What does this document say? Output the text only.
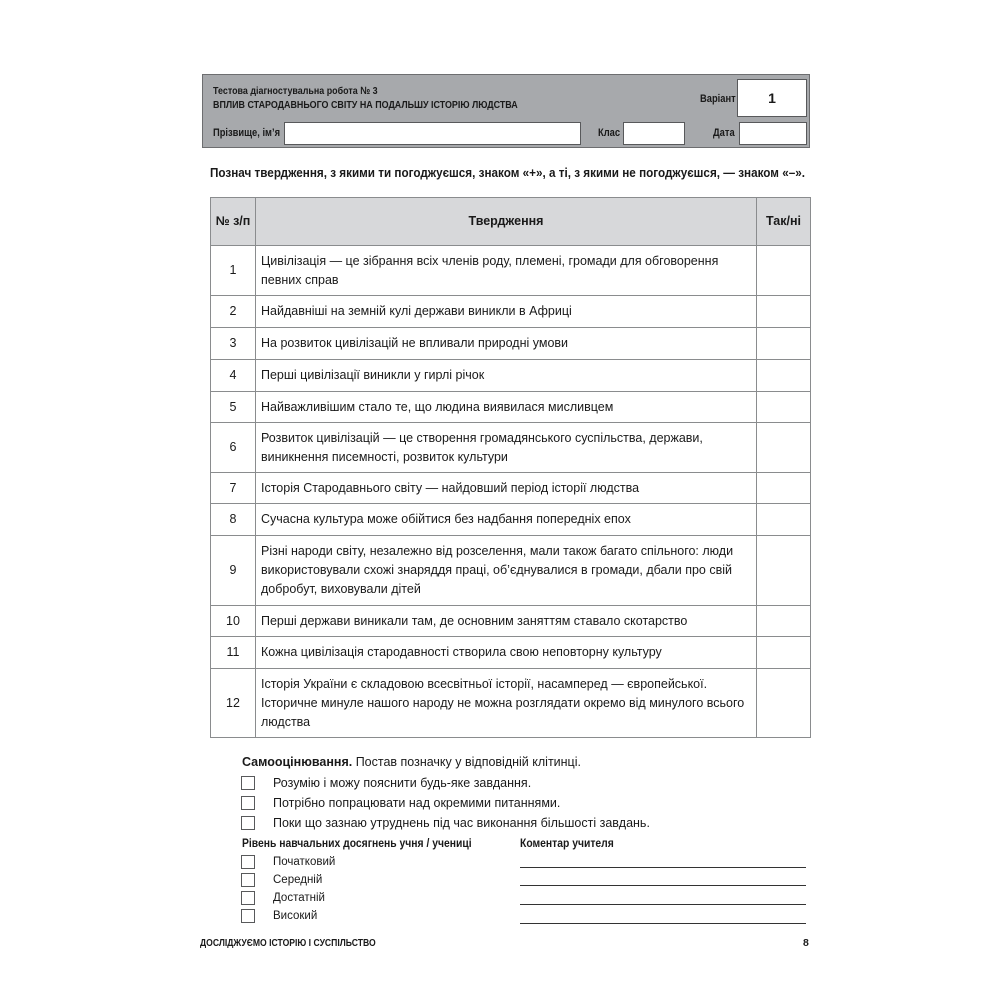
Тестова діагностувальна робота № 3
ВПЛИВ СТАРОДАВНЬОГО СВІТУ НА ПОДАЛЬШУ ІСТОРІЮ ЛЮДСТВА	Варіант	1
Прізвище, ім’я	Клас	Дата
Познач твердження, з якими ти погоджуєшся, знаком «+», а ті, з якими не погоджуєшся, — знаком «–».
№ з/п	Твердження	Так/ні
1	Цивілізація — це зібрання всіх членів роду, племені, громади для обговорення певних справ	
2	Найдавніші на земній кулі держави виникли в Африці	
3	На розвиток цивілізацій не впливали природні умови	
4	Перші цивілізації виникли у гирлі річок	
5	Найважливішим стало те, що людина виявилася мисливцем	
6	Розвиток цивілізацій — це створення громадянського суспільства, держави, виникнення писемності, розвиток культури	
7	Історія Стародавнього світу — найдовший період історії людства	
8	Сучасна культура може обійтися без надбання попередніх епох	
9	Різні народи світу, незалежно від розселення, мали також багато спільного: люди використовували схожі знаряддя праці, об’єднувалися в громади, дбали про свій добробут, виховували дітей	
10	Перші держави виникали там, де основним заняттям ставало скотарство	
11	Кожна цивілізація стародавності створила свою неповторну культуру	
12	Історія України є складовою всесвітньої історії, насамперед — європейської. Історичне минуле нашого народу не можна розглядати окремо від минулого всього людства	
Самооцінювання. Постав позначку у відповідній клітинці.
Розумію і можу пояснити будь-яке завдання.
Потрібно попрацювати над окремими питаннями.
Поки що зазнаю утруднень під час виконання більшості завдань.
Рівень навчальних досягнень учня / учениці
Початковий
Середній
Достатній
Високий
Коментар учителя
ДОСЛІДЖУЄМО ІСТОРІЮ І СУСПІЛЬСТВО	8
